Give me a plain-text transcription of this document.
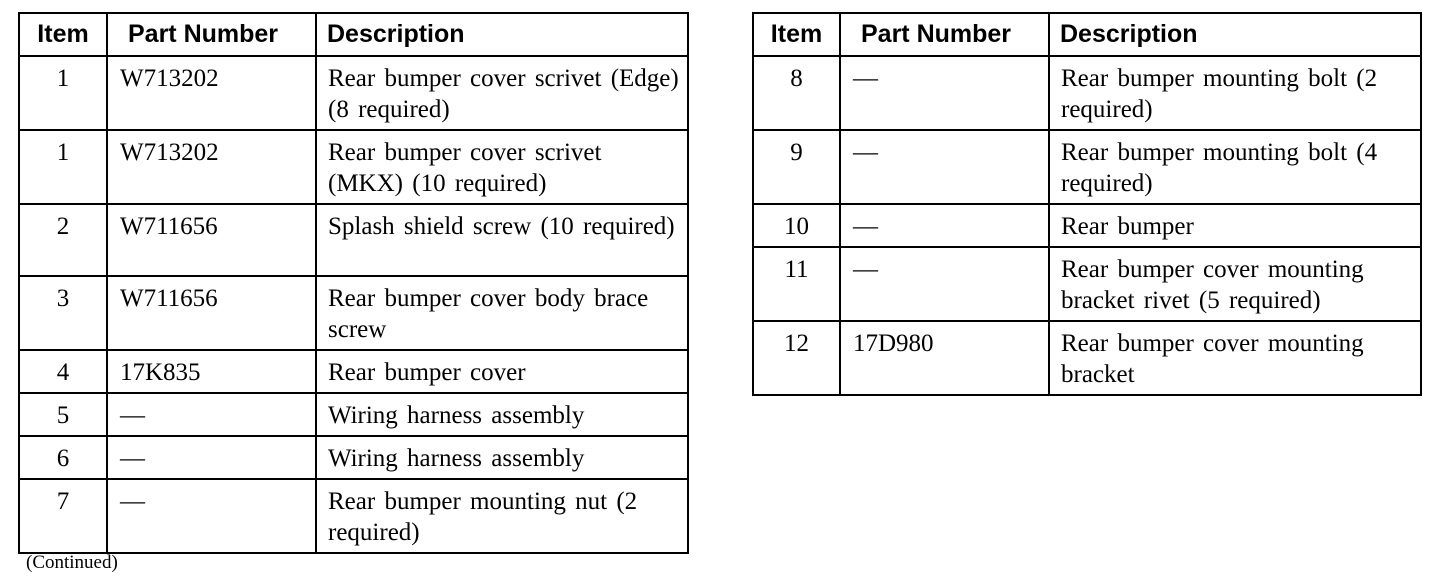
Item	Part Number	Description
1	W713202	Rear bumper cover scrivet (Edge) (8 required)
1	W713202	Rear bumper cover scrivet (MKX) (10 required)
2	W711656	Splash shield screw (10 required)
3	W711656	Rear bumper cover body brace screw
4	17K835	Rear bumper cover
5	—	Wiring harness assembly
6	—	Wiring harness assembly
7	—	Rear bumper mounting nut (2 required)
Item	Part Number	Description
8	—	Rear bumper mounting bolt (2 required)
9	—	Rear bumper mounting bolt (4 required)
10	—	Rear bumper
11	—	Rear bumper cover mounting bracket rivet (5 required)
12	17D980	Rear bumper cover mounting bracket
(Continued)
